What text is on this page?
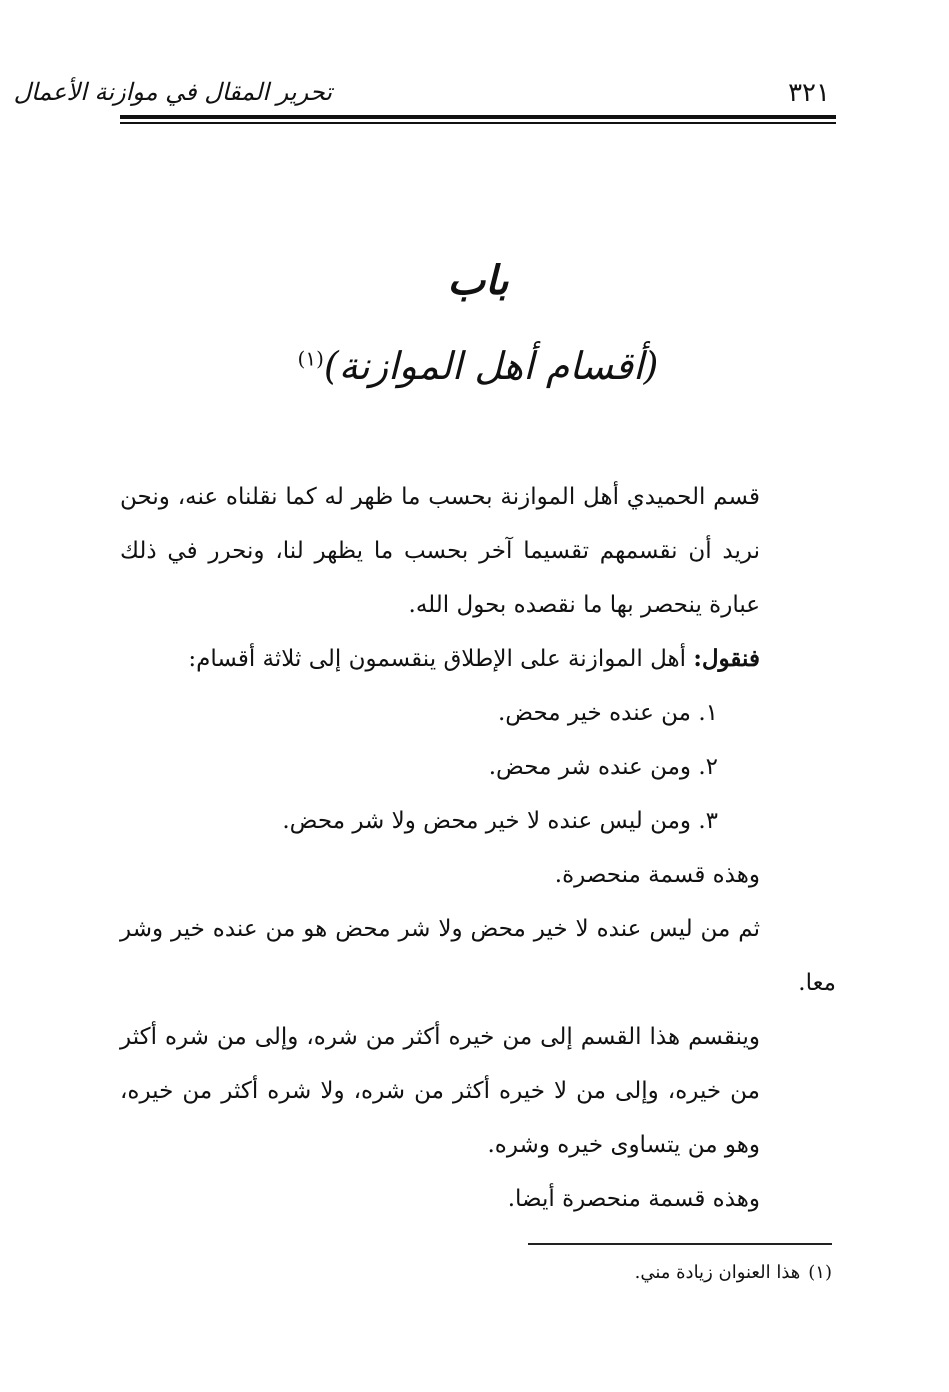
٣٢١
تحرير المقال في موازنة الأعمال
باب
(أقسام أهل الموازنة)$^{(١)}$

قسم الحميدي أهل الموازنة بحسب ما ظهر له كما نقلناه عنه، ونحن نريد أن نقسمهم تقسيما آخر بحسب ما يظهر لنا، ونحرر في ذلك عبارة ينحصر بها ما نقصده بحول الله.

فنقول: أهل الموازنة على الإطلاق ينقسمون إلى ثلاثة أقسام:

١. من عنده خير محض.

٢. ومن عنده شر محض.

٣. ومن ليس عنده لا خير محض ولا شر محض.

وهذه قسمة منحصرة.

ثم من ليس عنده لا خير محض ولا شر محض هو من عنده خير وشر

معا.

وينقسم هذا القسم إلى من خيره أكثر من شره، وإلى من شره أكثر من خيره، وإلى من لا خيره أكثر من شره، ولا شره أكثر من خيره، وهو من يتساوى خيره وشره.

وهذه قسمة منحصرة أيضا.

(١)هذا العنوان زيادة مني.
